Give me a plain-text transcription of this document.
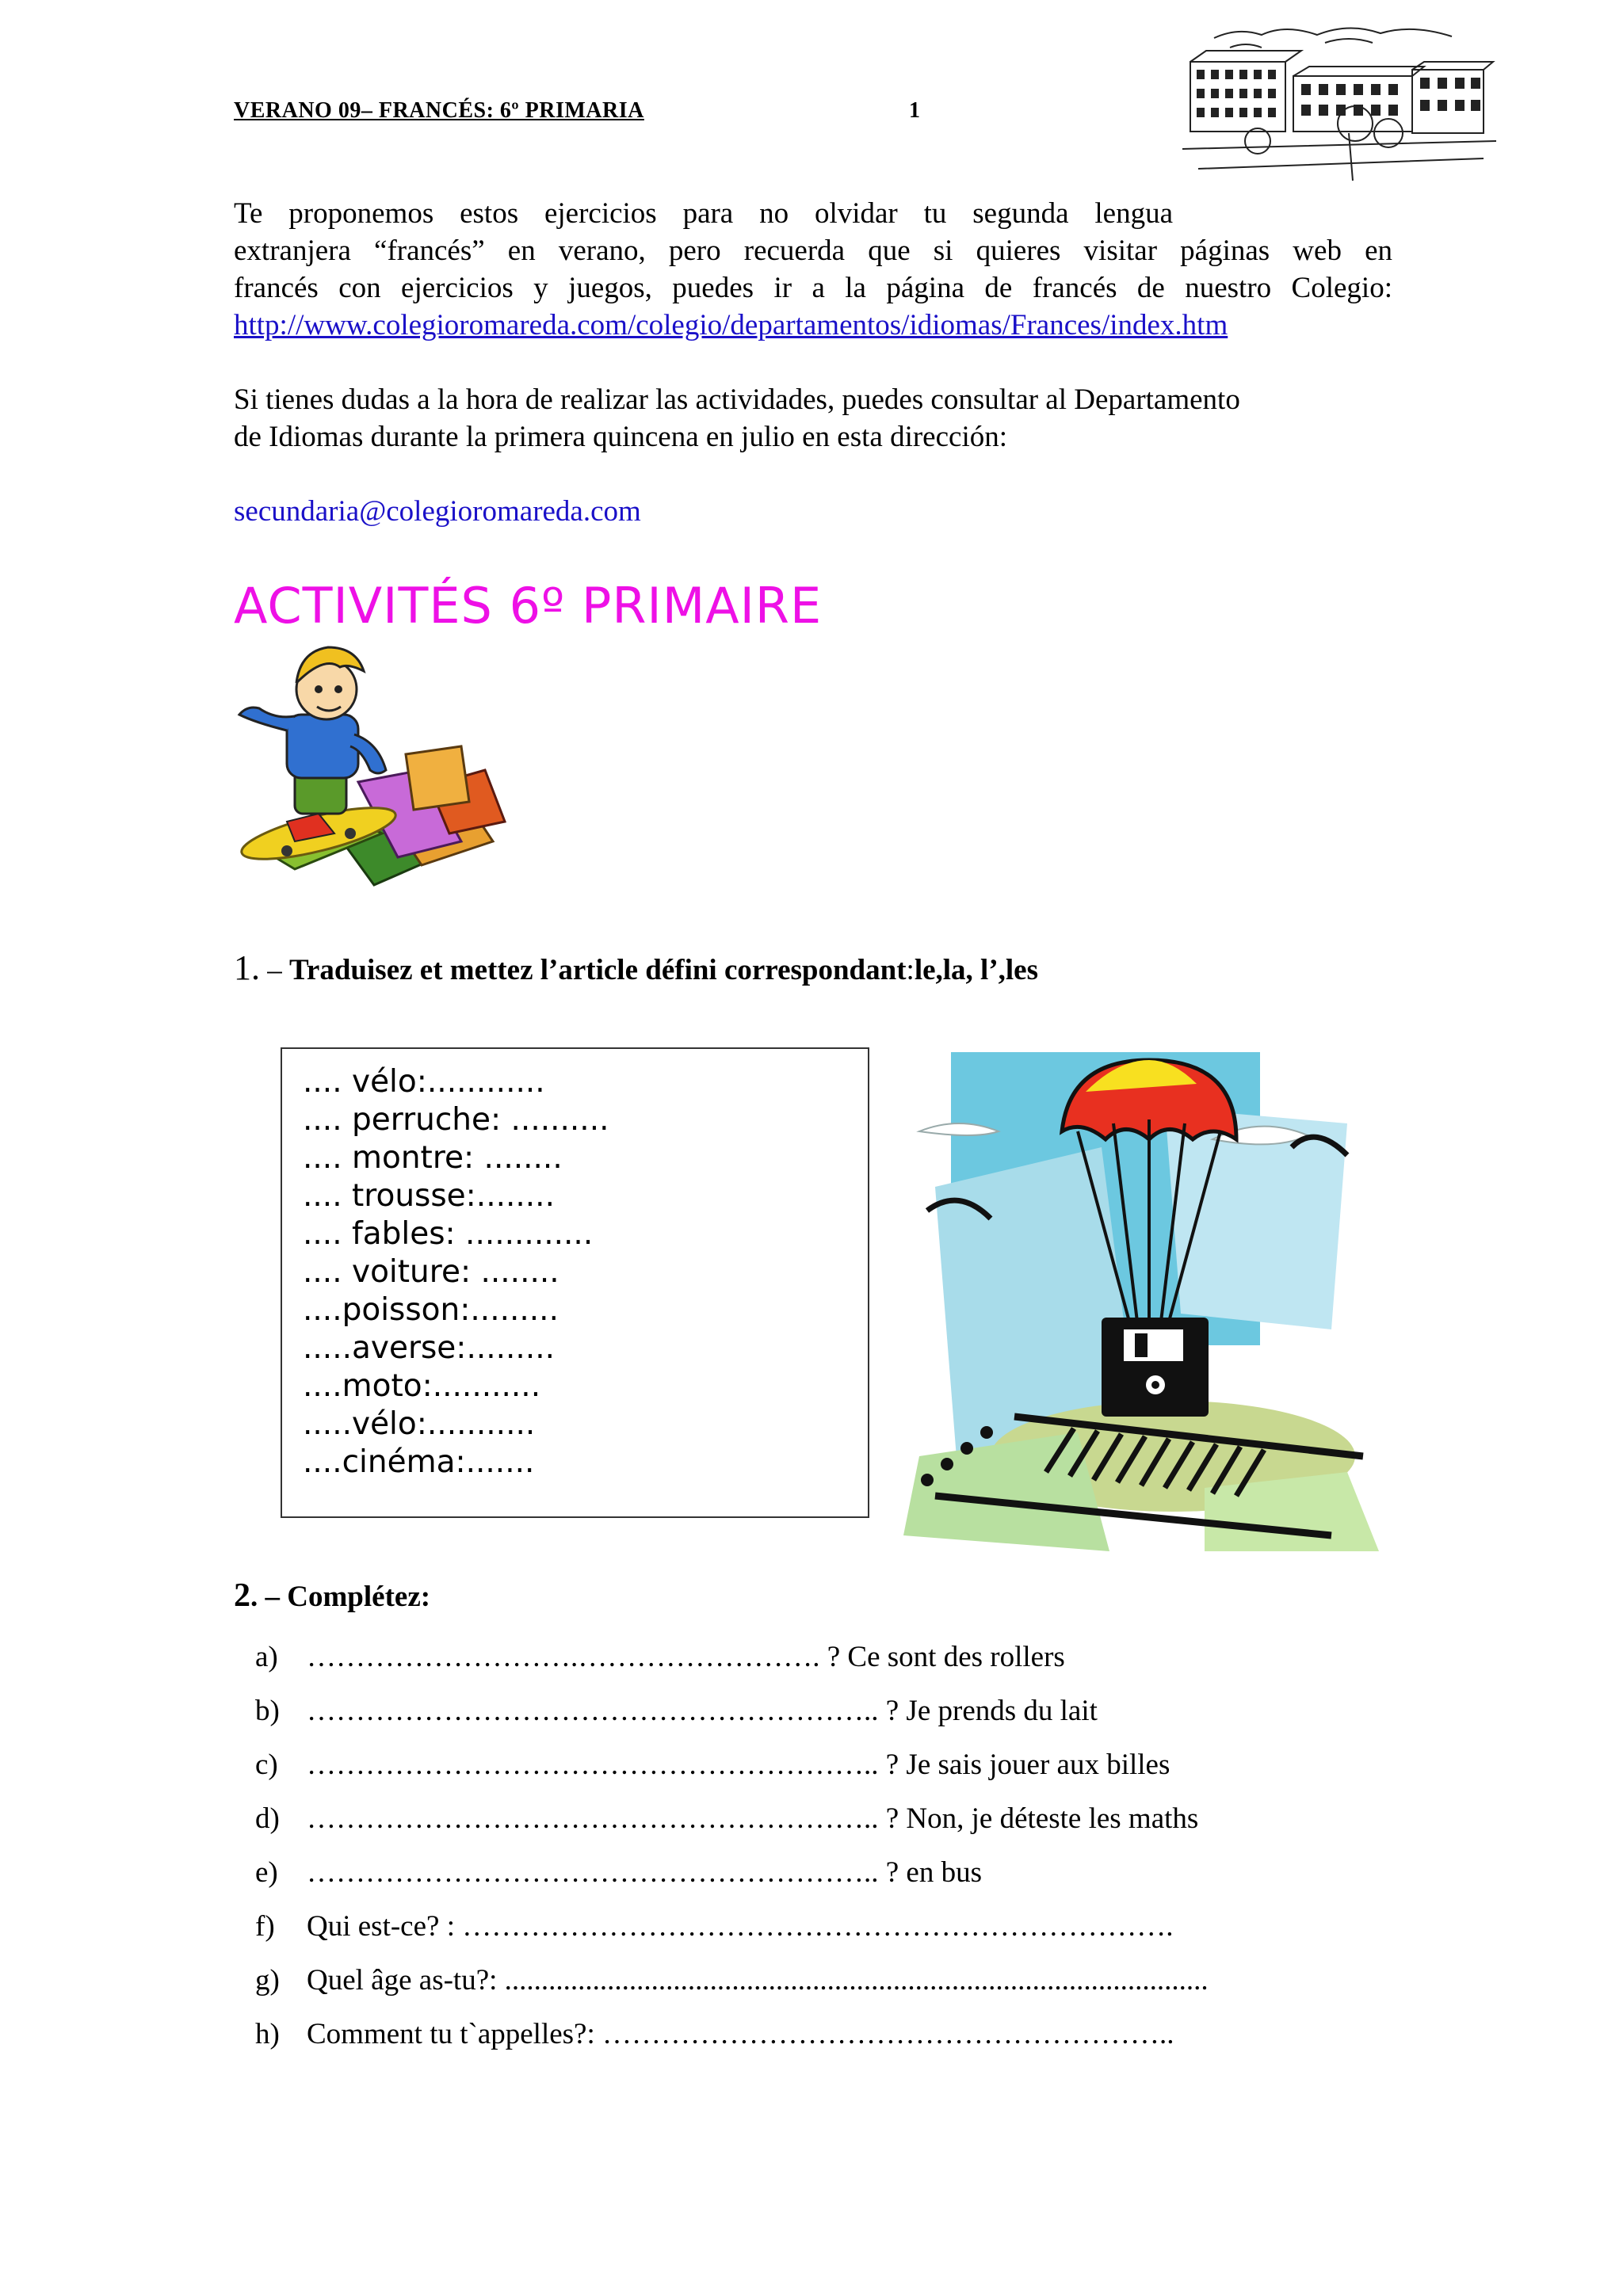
VERANO 09– FRANCÉS: 6º PRIMARIA	1

Te proponemos estos ejercicios para no olvidar tu segunda lengua

extranjera “francés” en verano, pero recuerda que si quieres visitar páginas web en

francés con ejercicios y juegos, puedes ir a la página de francés de nuestro Colegio:

http://www.colegioromareda.com/colegio/departamentos/idiomas/Frances/index.htm

Si tienes dudas a la hora de realizar las actividades, puedes consultar al Departamento

de Idiomas durante la primera quincena en julio en esta dirección:

secundaria@colegioromareda.com

ACTIVITÉS 6º PRIMAIRE
1. – Traduisez et mettez l’article défini correspondant:le,la, l’,les
.... vélo:............
.... perruche: ..........
.... montre: ........
.... trousse:........
.... fables: .............
.... voiture: ........
....poisson:.........
.....averse:.........
....moto:...........
.....vélo:...........
....cinéma:.......
2. – Complétez:
a) ……………………….……………………. ? Ce sont des rollers
b) ………………………………………………….. ? Je prends du lait
c) ………………………………………………….. ? Je sais jouer aux billes
d) ………………………………………………….. ? Non, je déteste les maths
e) ………………………………………………….. ? en bus
f)	Qui est-ce? : ……………………………………………………………….
g) Quel âge as-tu?: ................................................................................................
h) Comment tu t`appelles?: …………………………………………………..
